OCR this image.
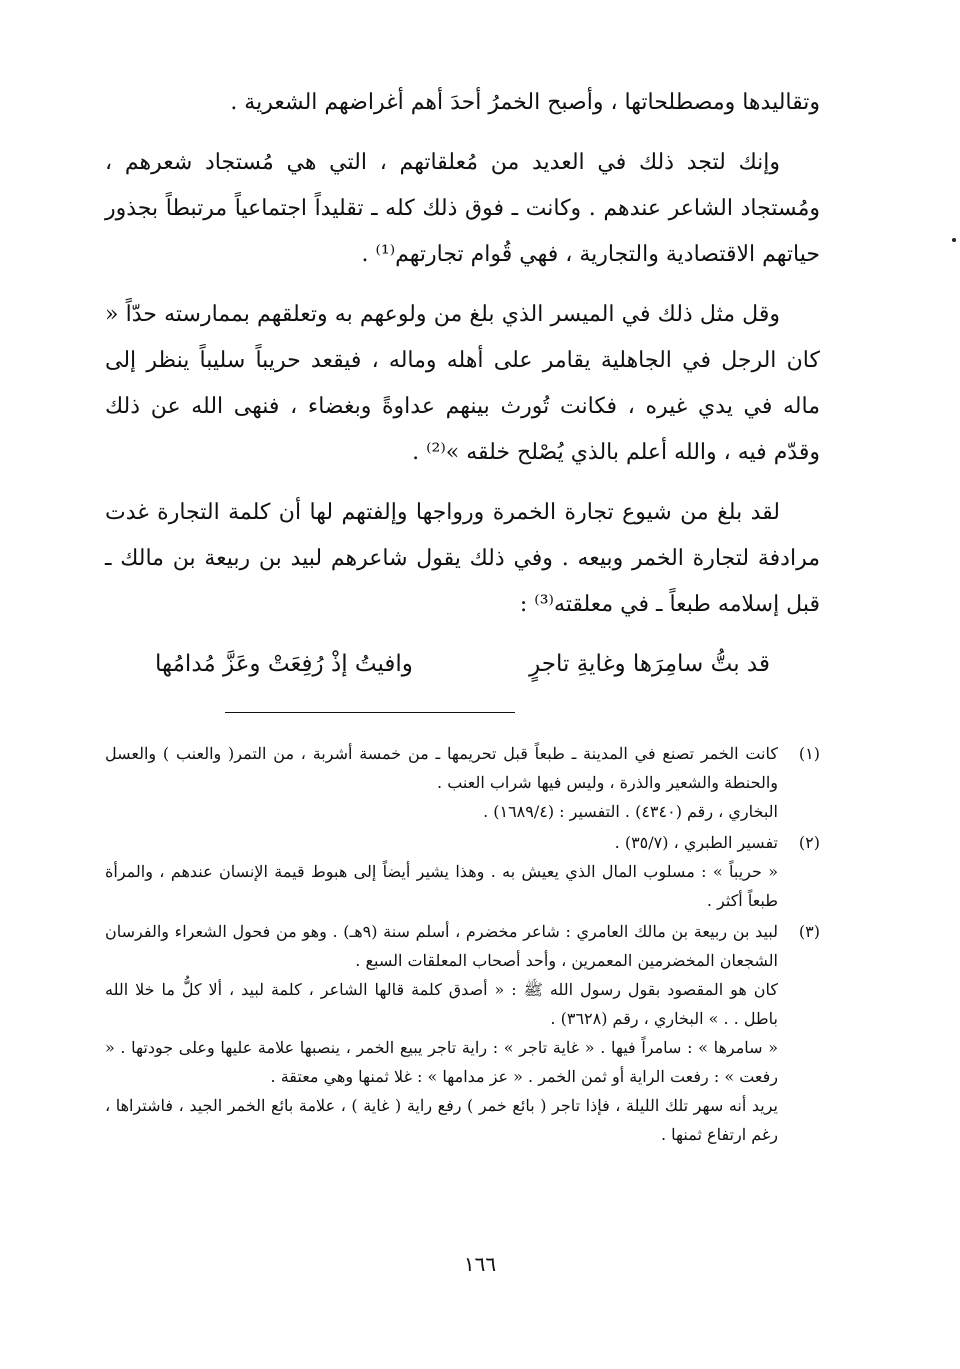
وتقاليدها ومصطلحاتها ، وأصبح الخمرُ أحدَ أهم أغراضهم الشعرية .

وإنك لتجد ذلك في العديد من مُعلقاتهم ، التي هي مُستجاد شعرهم ، ومُستجاد الشاعر عندهم . وكانت ـ فوق ذلك كله ـ تقليداً اجتماعياً مرتبطاً بجذور حياتهم الاقتصادية والتجارية ، فهي قُوام تجارتهم⁽¹⁾ .

وقل مثل ذلك في الميسر الذي بلغ من ولوعهم به وتعلقهم بممارسته حدّاً « كان الرجل في الجاهلية يقامر على أهله وماله ، فيقعد حريباً سليباً ينظر إلى ماله في يدي غيره ، فكانت تُورث بينهم عداوةً وبغضاء ، فنهى الله عن ذلك وقدّم فيه ، والله أعلم بالذي يُصْلح خلقه »⁽²⁾ .

لقد بلغ من شيوع تجارة الخمرة ورواجها وإلفتهم لها أن كلمة التجارة غدت مرادفة لتجارة الخمر وبيعه . وفي ذلك يقول شاعرهم لبيد بن ربيعة بن مالك ـ قبل إسلامه طبعاً ـ في معلقته⁽³⁾ :

قد بتُّ سامِرَها وغايةِ تاجرٍ
وافيتُ إذْ رُفِعَتْ وعَزَّ مُدامُها
(١)

كانت الخمر تصنع في المدينة ـ طبعاً قبل تحريمها ـ من خمسة أشربة ، من التمر( والعنب ) والعسل والحنطة والشعير والذرة ، وليس فيها شراب العنب .

البخاري ، رقم (٤٣٤٠) . التفسير : (١٦٨٩/٤) .

(٢)

تفسير الطبري ، (٣٥/٧) .

« حريباً » : مسلوب المال الذي يعيش به . وهذا يشير أيضاً إلى هبوط قيمة الإنسان عندهم ، والمرأة طبعاً أكثر .

(٣)

لبيد بن ربيعة بن مالك العامري : شاعر مخضرم ، أسلم سنة (٩هـ) . وهو من فحول الشعراء والفرسان الشجعان المخضرمين المعمرين ، وأحد أصحاب المعلقات السبع .

كان هو المقصود بقول رسول الله ﷺ : « أصدق كلمة قالها الشاعر ، كلمة لبيد ، ألا كلُّ ما خلا الله باطل . . » البخاري ، رقم (٣٦٢٨) .

« سامرها » : سامراً فيها . « غاية تاجر » : راية تاجر يبيع الخمر ، ينصبها علامة عليها وعلى جودتها . « رفعت » : رفعت الراية أو ثمن الخمر . « عز مدامها » : غلا ثمنها وهي معتقة .

يريد أنه سهر تلك الليلة ، فإذا تاجر ( بائع خمر ) رفع راية ( غاية ) ، علامة بائع الخمر الجيد ، فاشتراها ، رغم ارتفاع ثمنها .

١٦٦
